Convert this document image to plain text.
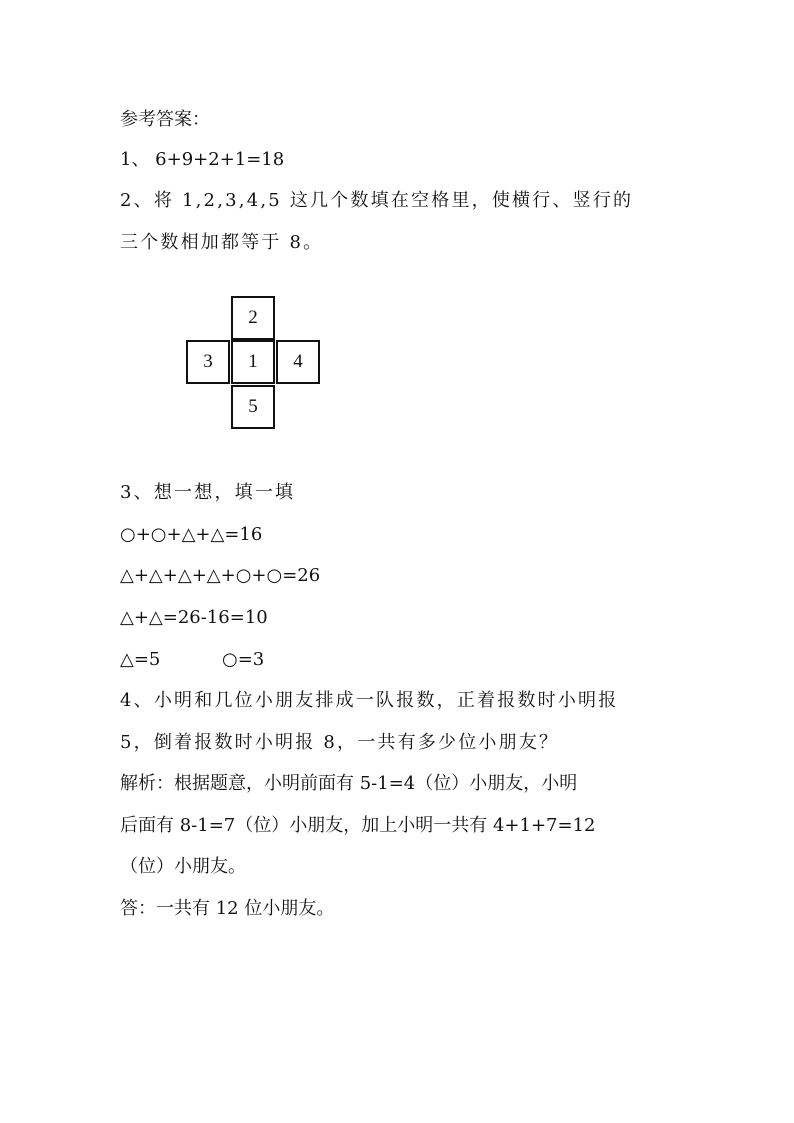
参考答案：
1、 6+9+2+1=18
2、将 1,2,3,4,5 这几个数填在空格里，使横行、竖行的
三个数相加都等于 8。
2
3	1	4
5
3、想一想，填一填
○+○+△+△=16
△+△+△+△+○+○=26
△+△=26-16=10
△=5	○=3
4、小明和几位小朋友排成一队报数，正着报数时小明报
5，倒着报数时小明报 8，一共有多少位小朋友？
解析：根据题意，小明前面有 5-1=4（位）小朋友，小明
后面有 8-1=7（位）小朋友，加上小明一共有 4+1+7=12
（位）小朋友。
答：一共有 12 位小朋友。
